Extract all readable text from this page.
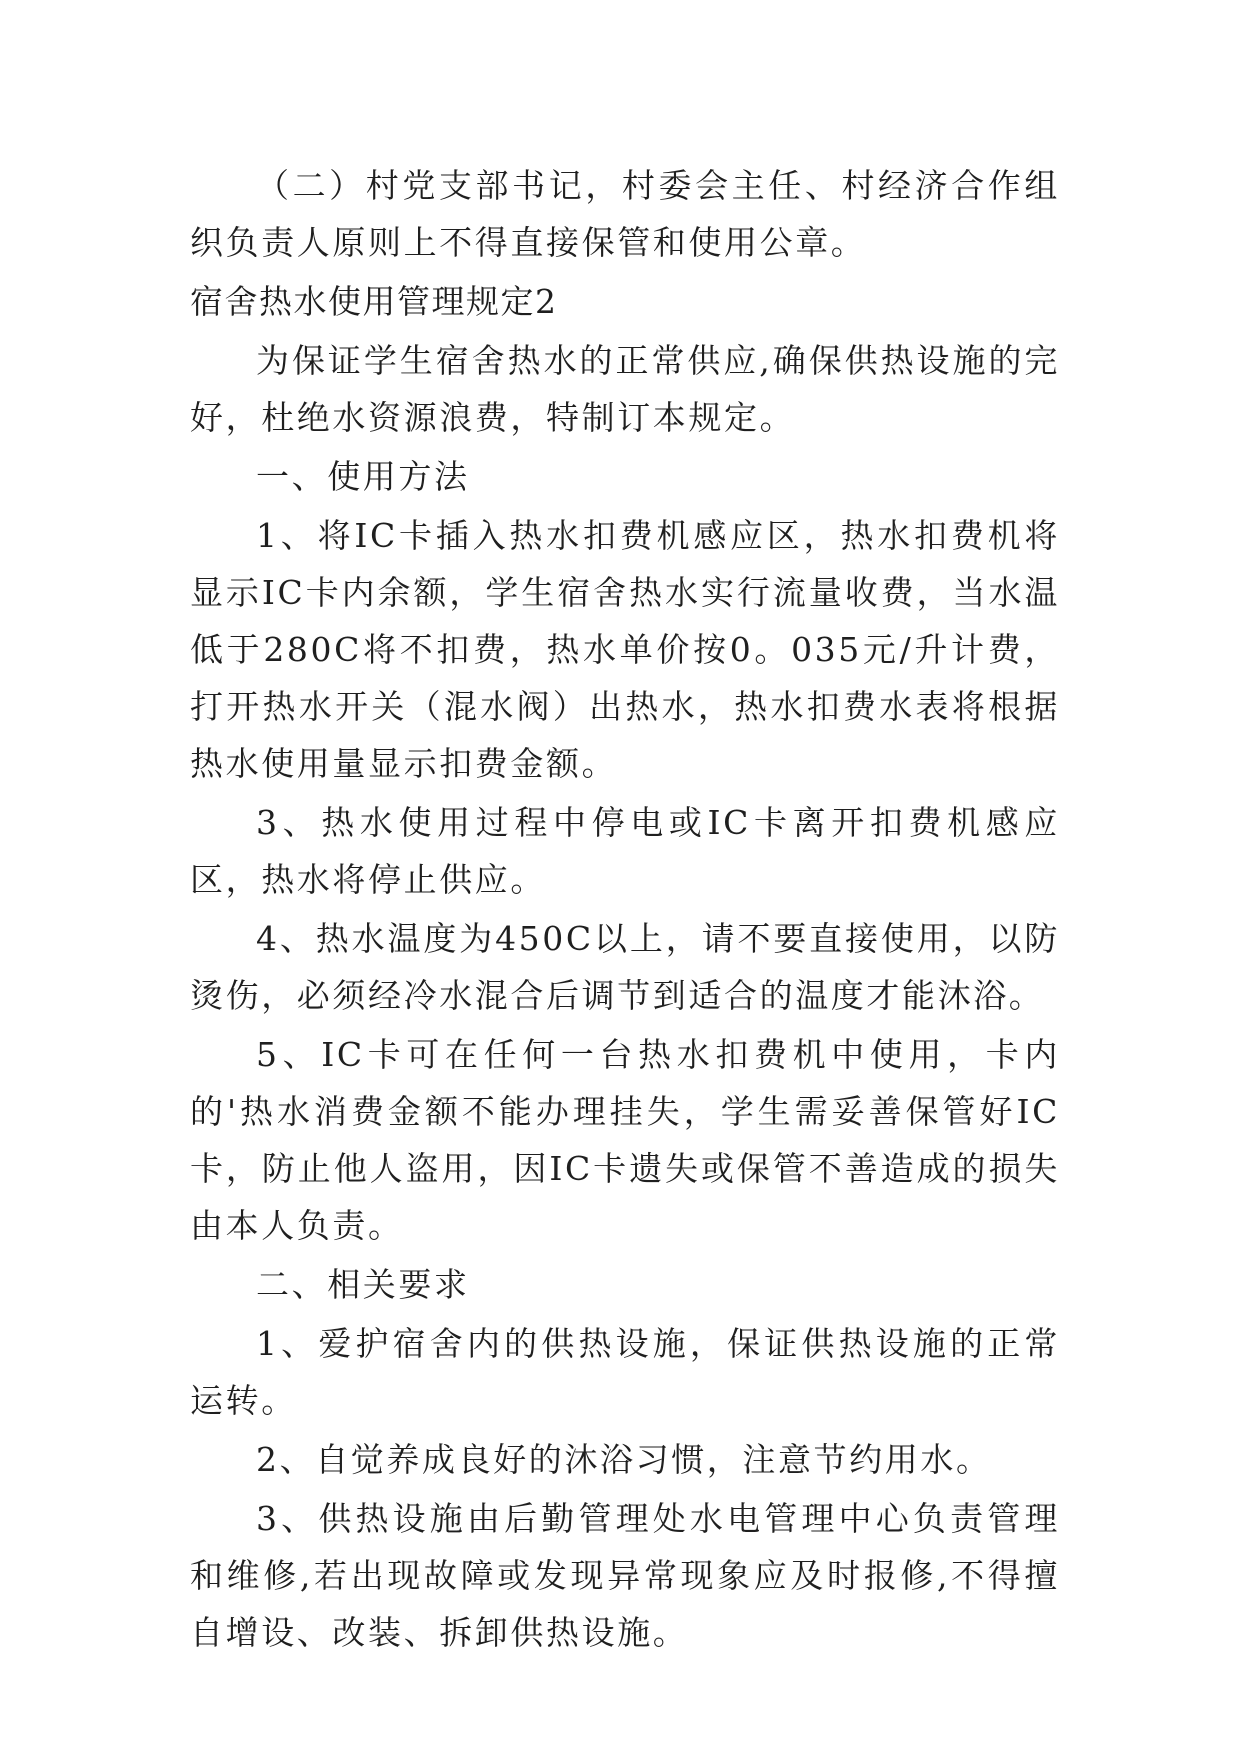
（二）村党支部书记，村委会主任、村经济合作组织负责人原则上不得直接保管和使用公章。

宿舍热水使用管理规定2

为保证学生宿舍热水的正常供应,确保供热设施的完好，杜绝水资源浪费，特制订本规定。

一、使用方法

1、将IC卡插入热水扣费机感应区，热水扣费机将显示IC卡内余额，学生宿舍热水实行流量收费，当水温低于280C将不扣费，热水单价按0。035元/升计费，打开热水开关（混水阀）出热水，热水扣费水表将根据热水使用量显示扣费金额。

3、热水使用过程中停电或IC卡离开扣费机感应区，热水将停止供应。

4、热水温度为450C以上，请不要直接使用，以防烫伤，必须经冷水混合后调节到适合的温度才能沐浴。

5、IC卡可在任何一台热水扣费机中使用，卡内的'热水消费金额不能办理挂失，学生需妥善保管好IC卡，防止他人盗用，因IC卡遗失或保管不善造成的损失由本人负责。

二、相关要求

1、爱护宿舍内的供热设施，保证供热设施的正常运转。

2、自觉养成良好的沐浴习惯，注意节约用水。

3、供热设施由后勤管理处水电管理中心负责管理和维修,若出现故障或发现异常现象应及时报修,不得擅自增设、改装、拆卸供热设施。
